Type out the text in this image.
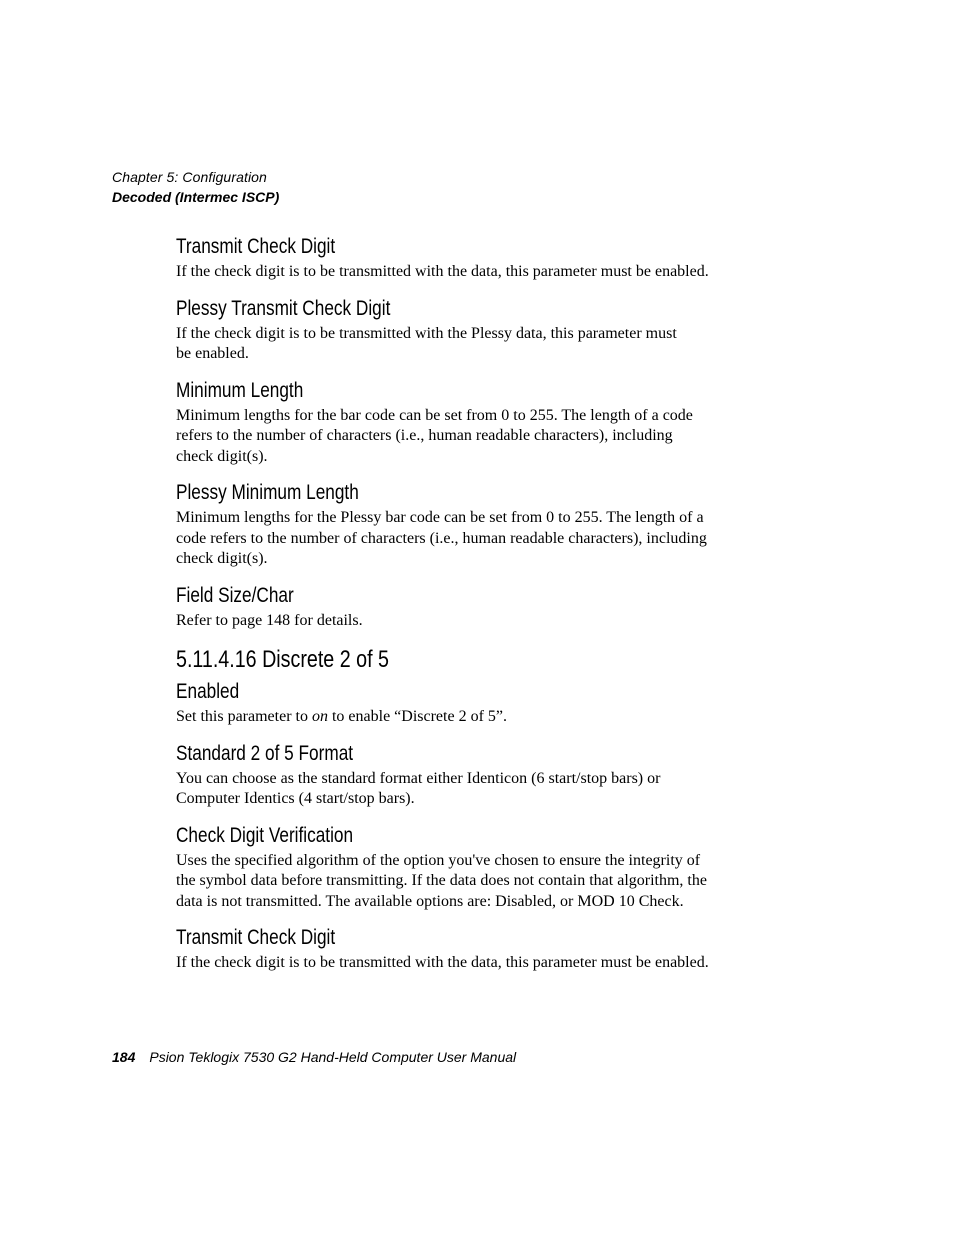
Chapter 5: Configuration
Decoded (Intermec ISCP)
Transmit Check Digit

If the check digit is to be transmitted with the data, this parameter must be enabled.

Plessy Transmit Check Digit

If the check digit is to be transmitted with the Plessy data, this parameter must

be enabled.

Minimum Length

Minimum lengths for the bar code can be set from 0 to 255. The length of a code

refers to the number of characters (i.e., human readable characters), including

check digit(s).

Plessy Minimum Length

Minimum lengths for the Plessy bar code can be set from 0 to 255. The length of a

code refers to the number of characters (i.e., human readable characters), including

check digit(s).

Field Size/Char

Refer to page 148 for details.

5.11.4.16 Discrete 2 of 5
Enabled

Set this parameter to on to enable “Discrete 2 of 5”.

Standard 2 of 5 Format

You can choose as the standard format either Identicon (6 start/stop bars) or

Computer Identics (4 start/stop bars).

Check Digit Verification

Uses the specified algorithm of the option you've chosen to ensure the integrity of

the symbol data before transmitting. If the data does not contain that algorithm, the

data is not transmitted. The available options are: Disabled, or MOD 10 Check.

Transmit Check Digit

If the check digit is to be transmitted with the data, this parameter must be enabled.

184 Psion Teklogix 7530 G2 Hand-Held Computer User Manual
